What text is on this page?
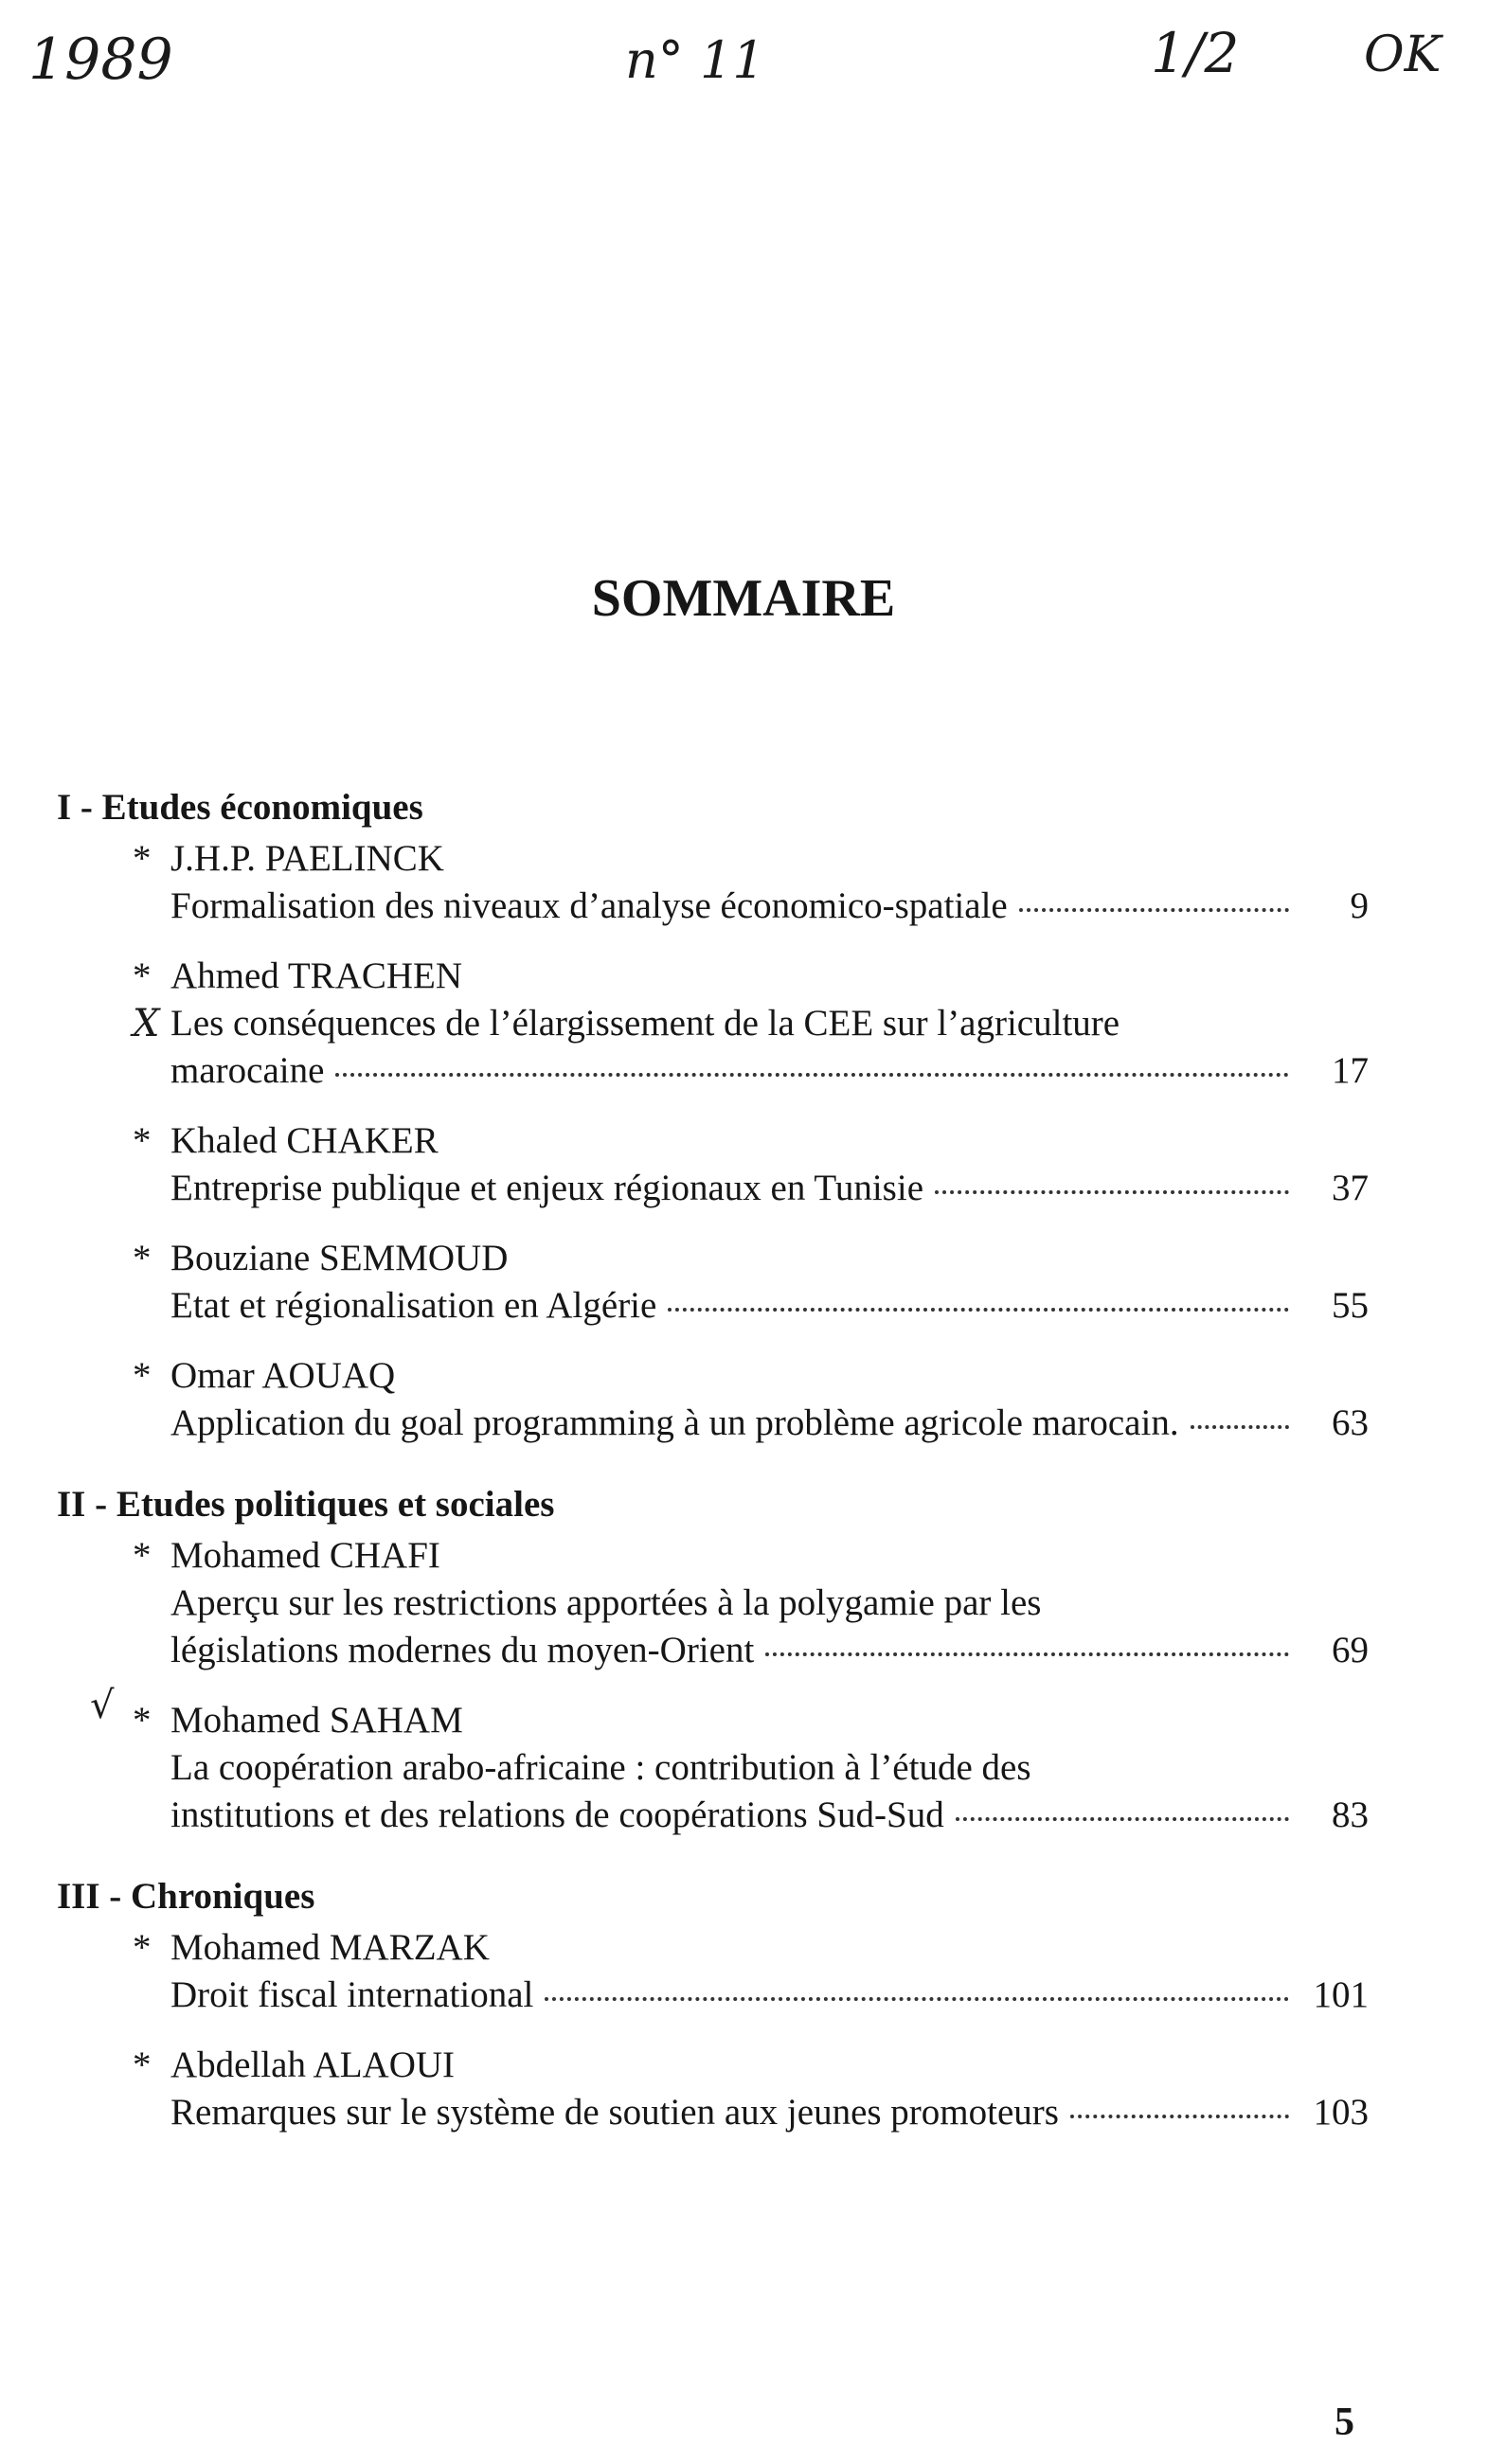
1989	n° 11	1/2	OK
X
√
SOMMAIRE
I - Etudes économiques
* J.H.P. PAELINCK
Formalisation des niveaux d’analyse économico-spatiale	9
* Ahmed TRACHEN
Les conséquences de l’élargissement de la CEE sur l’agriculture
marocaine	17
* Khaled CHAKER
Entreprise publique et enjeux régionaux en Tunisie	37
* Bouziane SEMMOUD
Etat et régionalisation en Algérie	55
* Omar AOUAQ
Application du goal programming à un problème agricole marocain.	63
II - Etudes politiques et sociales
* Mohamed CHAFI
Aperçu sur les restrictions apportées à la polygamie par les
législations modernes du moyen-Orient	69
* Mohamed SAHAM
La coopération arabo-africaine : contribution à l’étude des
institutions et des relations de coopérations Sud-Sud	83
III - Chroniques
* Mohamed MARZAK
Droit fiscal international	101
* Abdellah ALAOUI
Remarques sur le système de soutien aux jeunes promoteurs	103
5
